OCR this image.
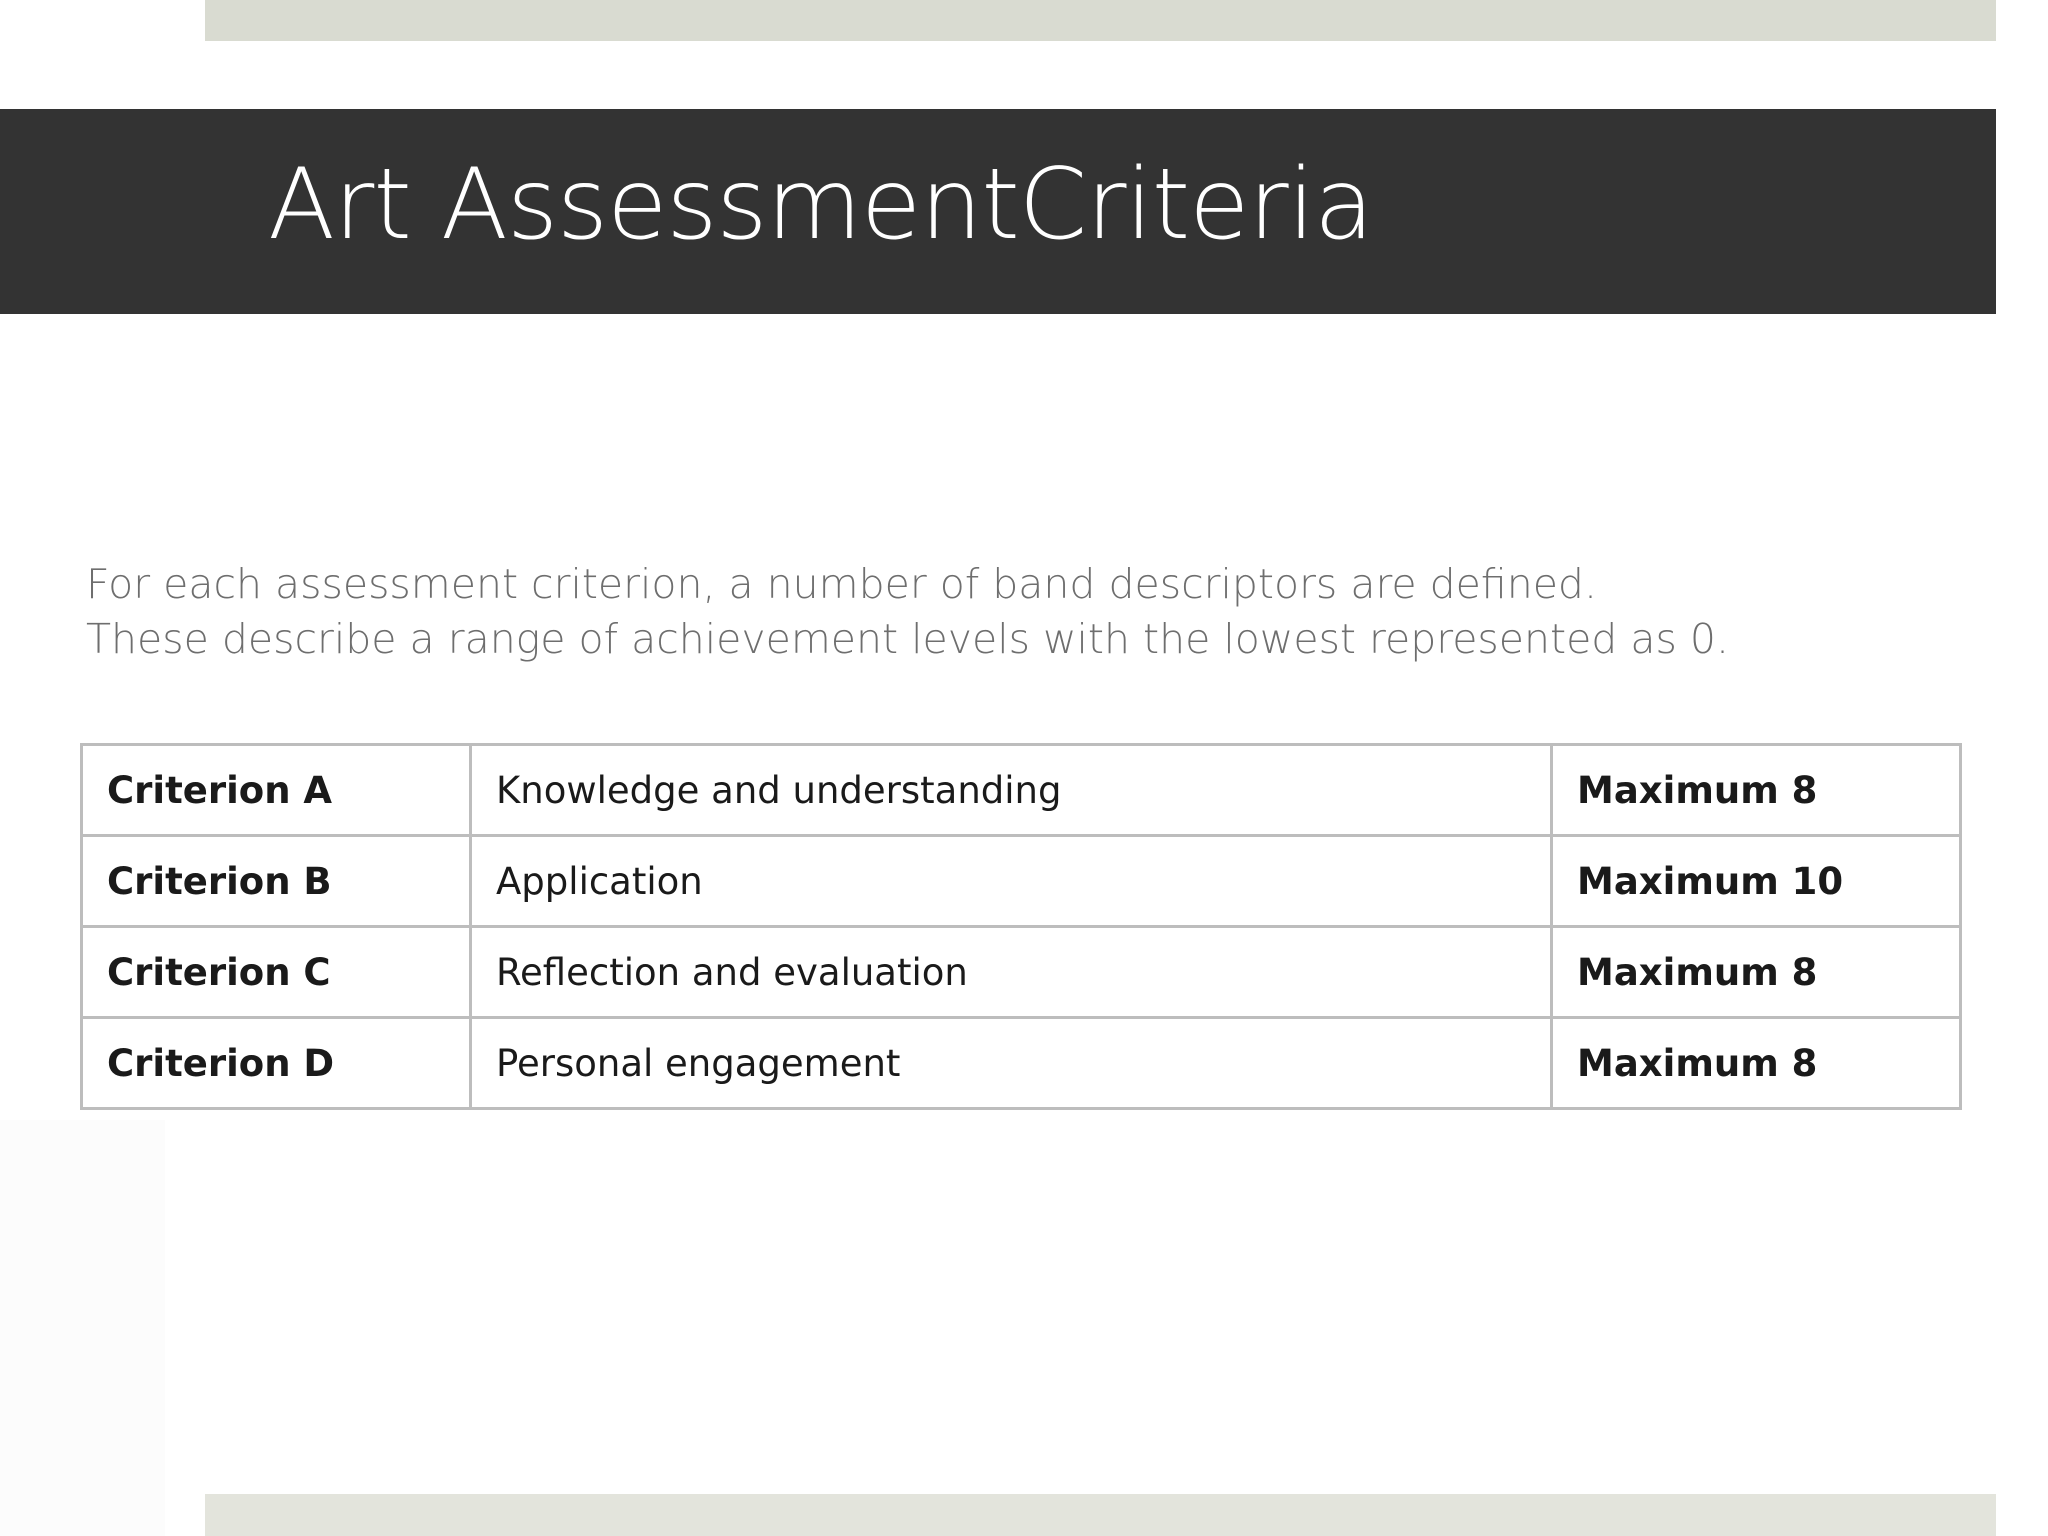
Art AssessmentCriteria
For each assessment criterion, a number of band descriptors are defined.
These describe a range of achievement levels with the lowest represented as 0.
Criterion A	Knowledge and understanding	Maximum 8
Criterion B	Application	Maximum 10
Criterion C	Reflection and evaluation	Maximum 8
Criterion D	Personal engagement	Maximum 8
